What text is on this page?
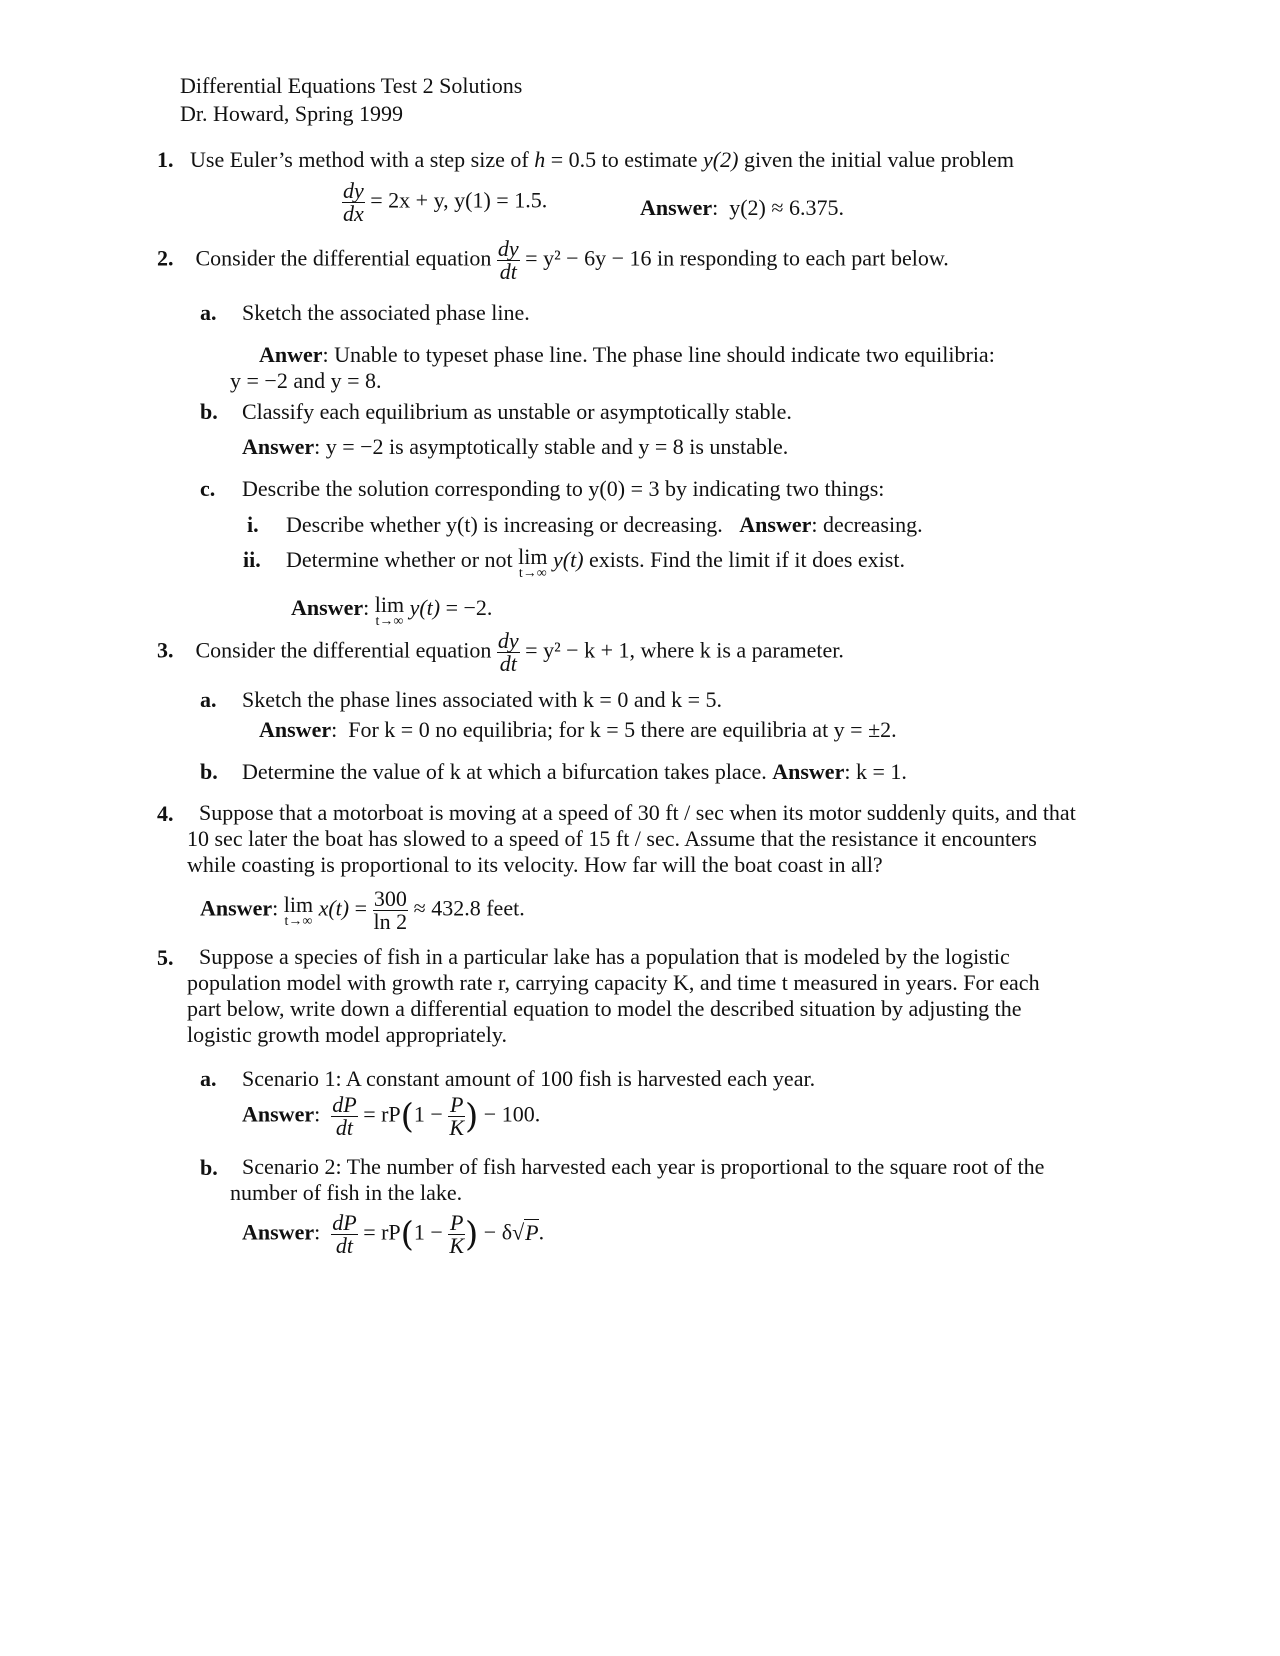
Differential Equations Test 2 Solutions
Dr. Howard, Spring 1999
1. Use Euler’s method with a step size of h = 0.5 to estimate y(2) given the initial value problem
$\frac{dy}{dx} = 2x + y$, y(1) = 1.5.	Answer:  y(2) ≈ 6.375.
2. Consider the differential equation $\frac{dy}{dt} = y^2 - 6y - 16$ in responding to each part below.
a. Sketch the associated phase line.
Anwer: Unable to typeset phase line. The phase line should indicate two equilibria:
y = −2 and y = 8.
b. Classify each equilibrium as unstable or asymptotically stable.
Answer: y = −2 is asymptotically stable and y = 8 is unstable.
c. Describe the solution corresponding to y(0) = 3 by indicating two things:
i. Describe whether y(t) is increasing or decreasing. Answer: decreasing.
ii. Determine whether or not lim
t→∞
y(t) exists. Find the limit if it does exist.
Answer: lim
t→∞
y(t) = −2.
3. Consider the differential equation $\frac{dy}{dt} = y^2 - k + 1$, where k is a parameter.
a. Sketch the phase lines associated with k = 0 and k = 5.
Answer:  For k = 0 no equilibria; for k = 5 there are equilibria at y = ±2.
b. Determine the value of k at which a bifurcation takes place. Answer: k = 1.
4.	Suppose that a motorboat is moving at a speed of 30 ft / sec when its motor suddenly quits, and that 10 sec later the boat has slowed to a speed of 15 ft / sec. Assume that the resistance it encounters while coasting is proportional to its velocity. How far will the boat coast in all?
Answer: lim
t→∞
$x(t) = \frac{300}{\ln 2} \approx 432.8$ feet.
5.	Suppose a species of fish in a particular lake has a population that is modeled by the logistic population model with growth rate r, carrying capacity K, and time t measured in years. For each part below, write down a differential equation to model the described situation by adjusting the logistic growth model appropriately.
a. Scenario 1: A constant amount of 100 fish is harvested each year.
Answer: $\frac{dP}{dt} = rP(1 - \frac{P}{K}$ ) − 100.
b.	Scenario 2: The number of fish harvested each year is proportional to the square root of the number of fish in the lake.
Answer: $\frac{dP}{dt} = rP(1 - \frac{P}{K}$ ) − δ√P.
